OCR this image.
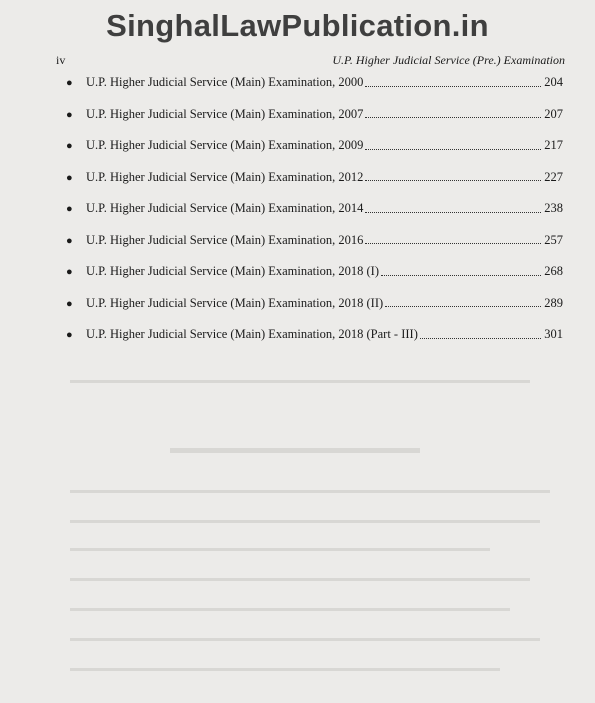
SinghalLawPublication.in
iv	U.P. Higher Judicial Service (Pre.) Examination
●	U.P. Higher Judicial Service (Main) Examination, 2000	204
●	U.P. Higher Judicial Service (Main) Examination, 2007	207
●	U.P. Higher Judicial Service (Main) Examination, 2009	217
●	U.P. Higher Judicial Service (Main) Examination, 2012	227
●	U.P. Higher Judicial Service (Main) Examination, 2014	238
●	U.P. Higher Judicial Service (Main) Examination, 2016	257
●	U.P. Higher Judicial Service (Main) Examination, 2018 (I)	268
●	U.P. Higher Judicial Service (Main) Examination, 2018 (II)	289
●	U.P. Higher Judicial Service (Main) Examination, 2018 (Part - III)	301
